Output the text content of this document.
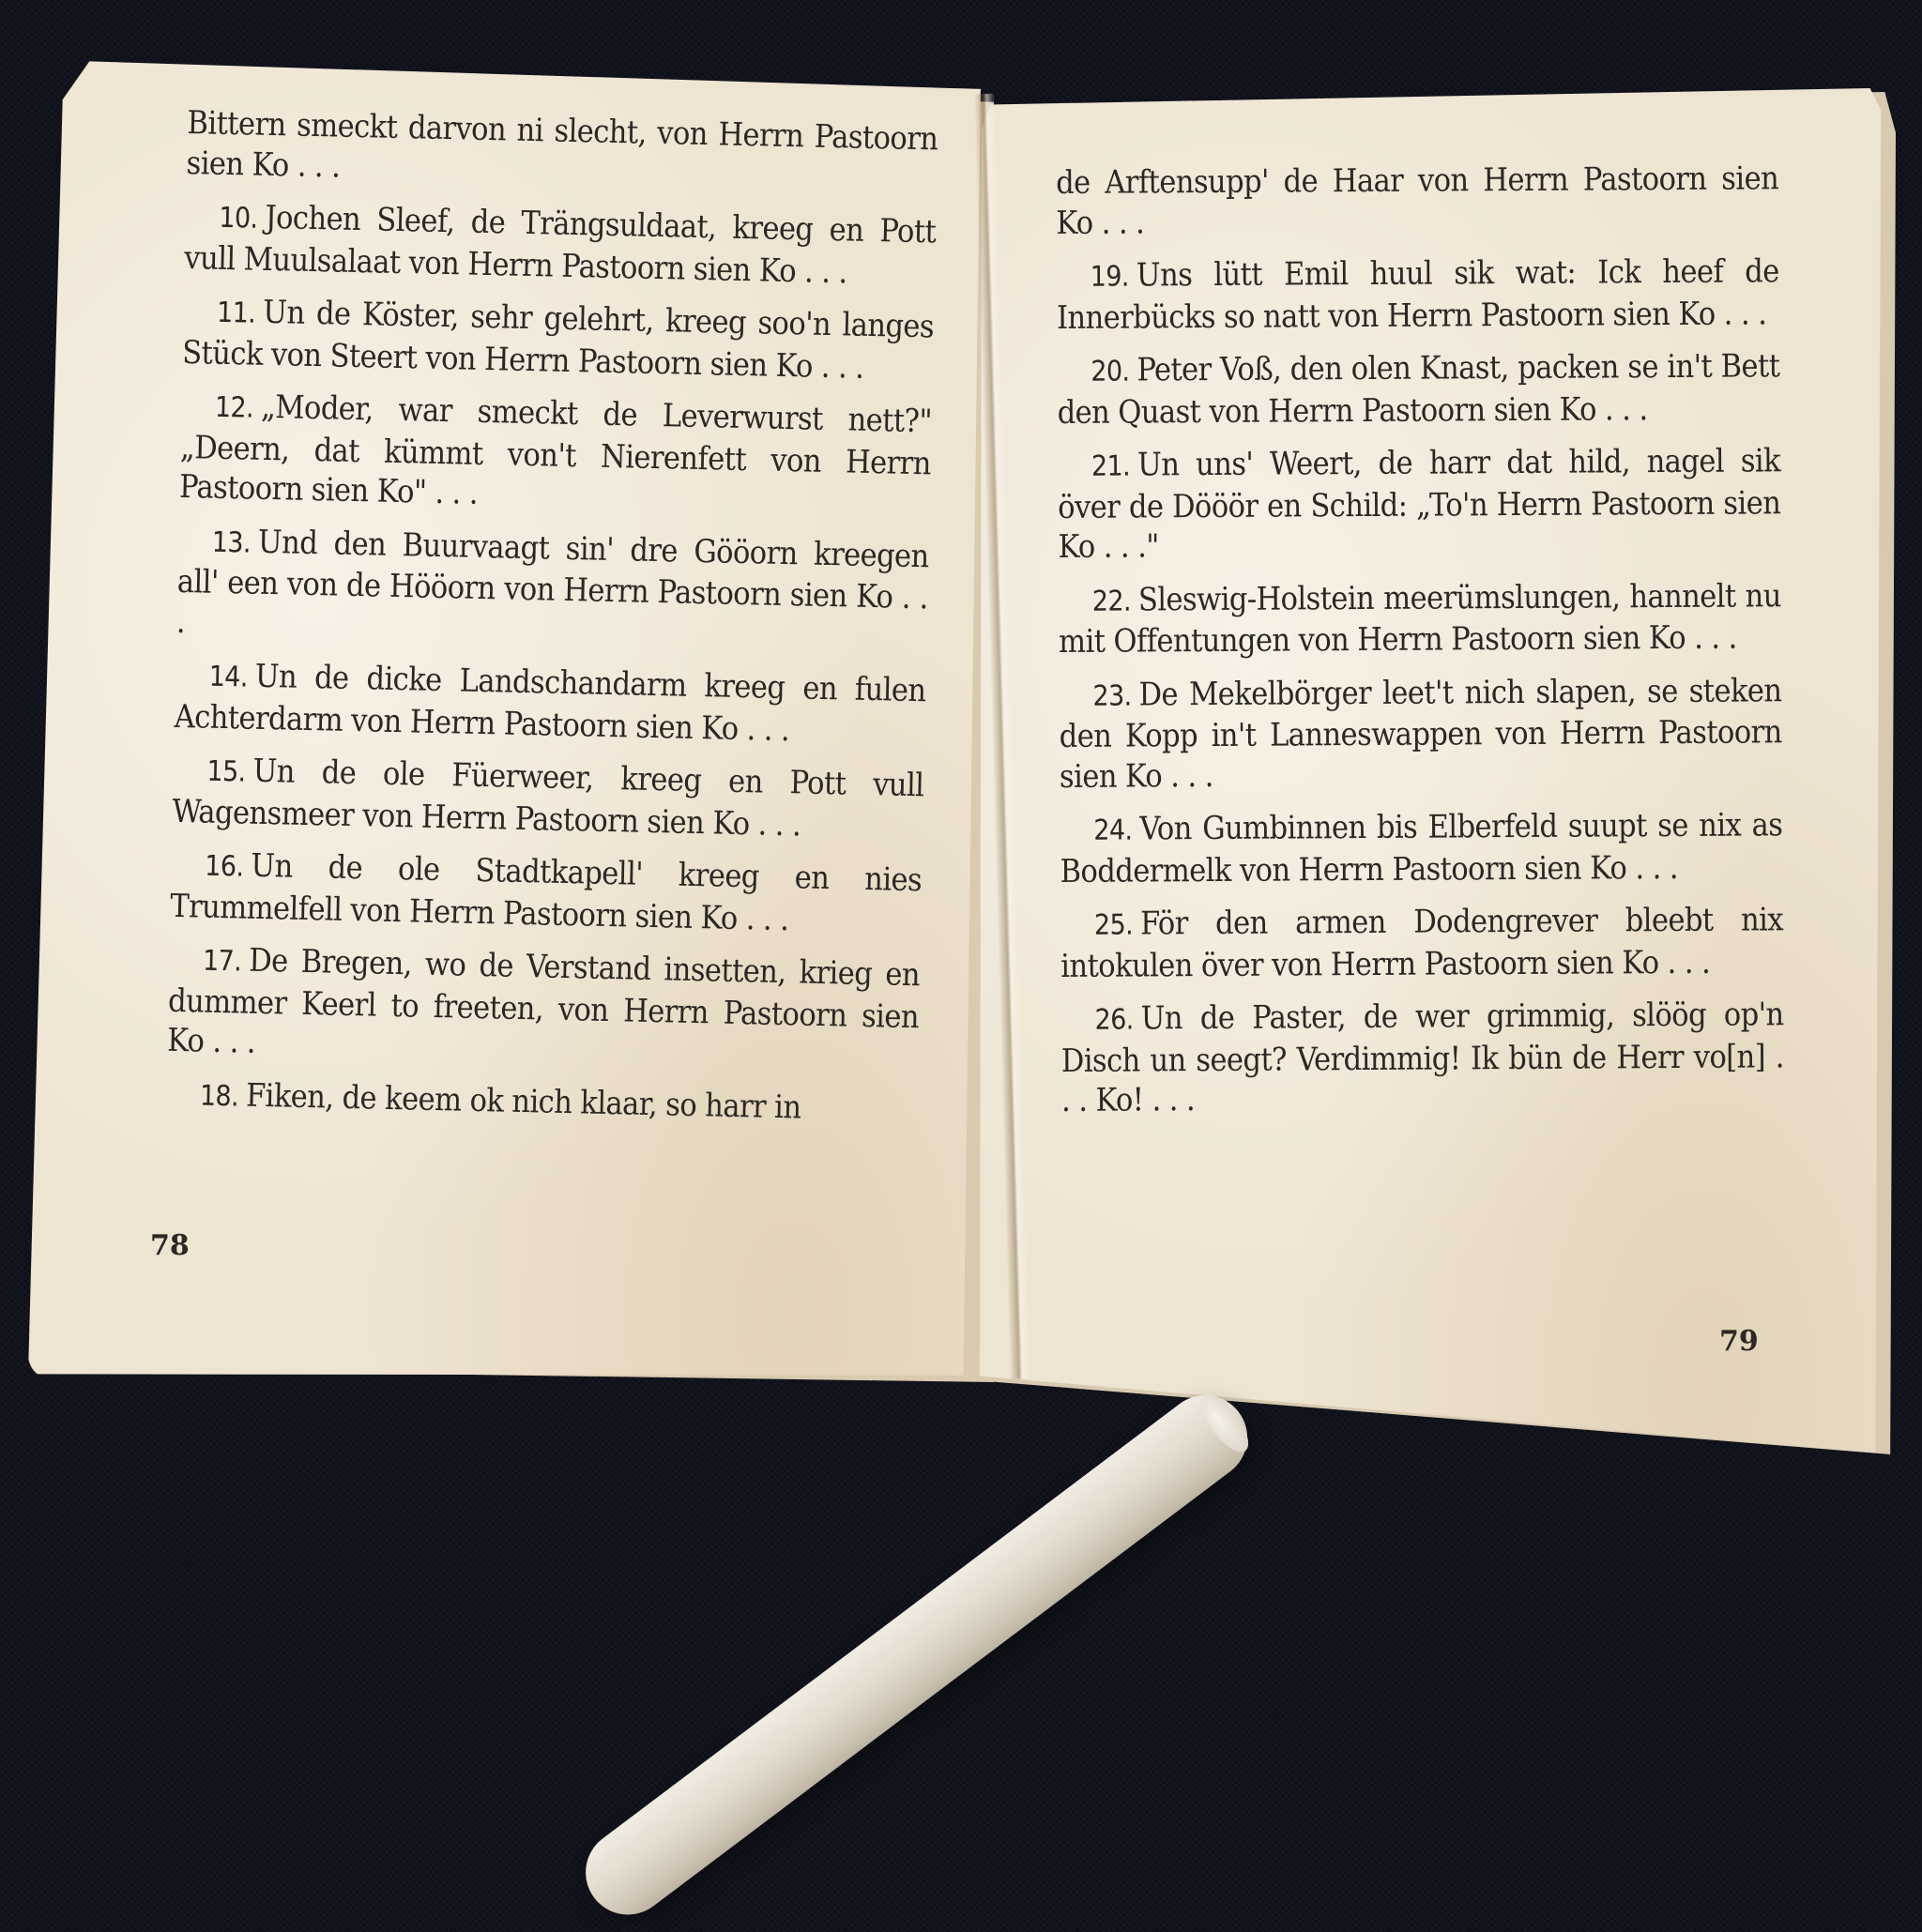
Bittern smeckt darvon ni slecht, von Herrn Pastoorn sien Ko . . .

10. Jochen Sleef, de Trängsuldaat, kreeg en Pott vull Muulsalaat von Herrn Pastoorn sien Ko . . .

11. Un de Köster, sehr gelehrt, kreeg soo'n langes Stück von Steert von Herrn Pastoorn sien Ko . . .

12. „Moder, war smeckt de Leverwurst nett?" „Deern, dat kümmt von't Nierenfett von Herrn Pastoorn sien Ko" . . .

13. Und den Buurvaagt sin' dre Gööorn kreegen all' een von de Hööorn von Herrn Pastoorn sien Ko . . .

14. Un de dicke Landschandarm kreeg en fulen Achterdarm von Herrn Pastoorn sien Ko . . .

15. Un de ole Füerweer, kreeg en Pott vull Wagensmeer von Herrn Pastoorn sien Ko . . .

16. Un de ole Stadtkapell' kreeg en nies Trummelfell von Herrn Pastoorn sien Ko . . .

17. De Bregen, wo de Verstand insetten, krieg en dummer Keerl to freeten, von Herrn Pastoorn sien Ko . . .

18. Fiken, de keem ok nich klaar, so harr in

78

de Arftensupp' de Haar von Herrn Pastoorn sien Ko . . .

19. Uns lütt Emil huul sik wat: Ick heef de Innerbücks so natt von Herrn Pastoorn sien Ko . . .

20. Peter Voß, den olen Knast, packen se in't Bett den Quast von Herrn Pastoorn sien Ko . . .

21. Un uns' Weert, de harr dat hild, nagel sik över de Dööör en Schild: „To'n Herrn Pastoorn sien Ko . . ."

22. Sleswig-Holstein meerümslungen, hannelt nu mit Offentungen von Herrn Pastoorn sien Ko . . .

23. De Mekelbörger leet't nich slapen, se steken den Kopp in't Lanneswappen von Herrn Pastoorn sien Ko . . .

24. Von Gumbinnen bis Elberfeld suupt se nix as Boddermelk von Herrn Pastoorn sien Ko . . .

25. För den armen Dodengrever bleebt nix intokulen över von Herrn Pastoorn sien Ko . . .

26. Un de Paster, de wer grimmig, slöög op'n Disch un seegt? Verdimmig! Ik bün de Herr vo[n] . . . Ko! . . .

79
